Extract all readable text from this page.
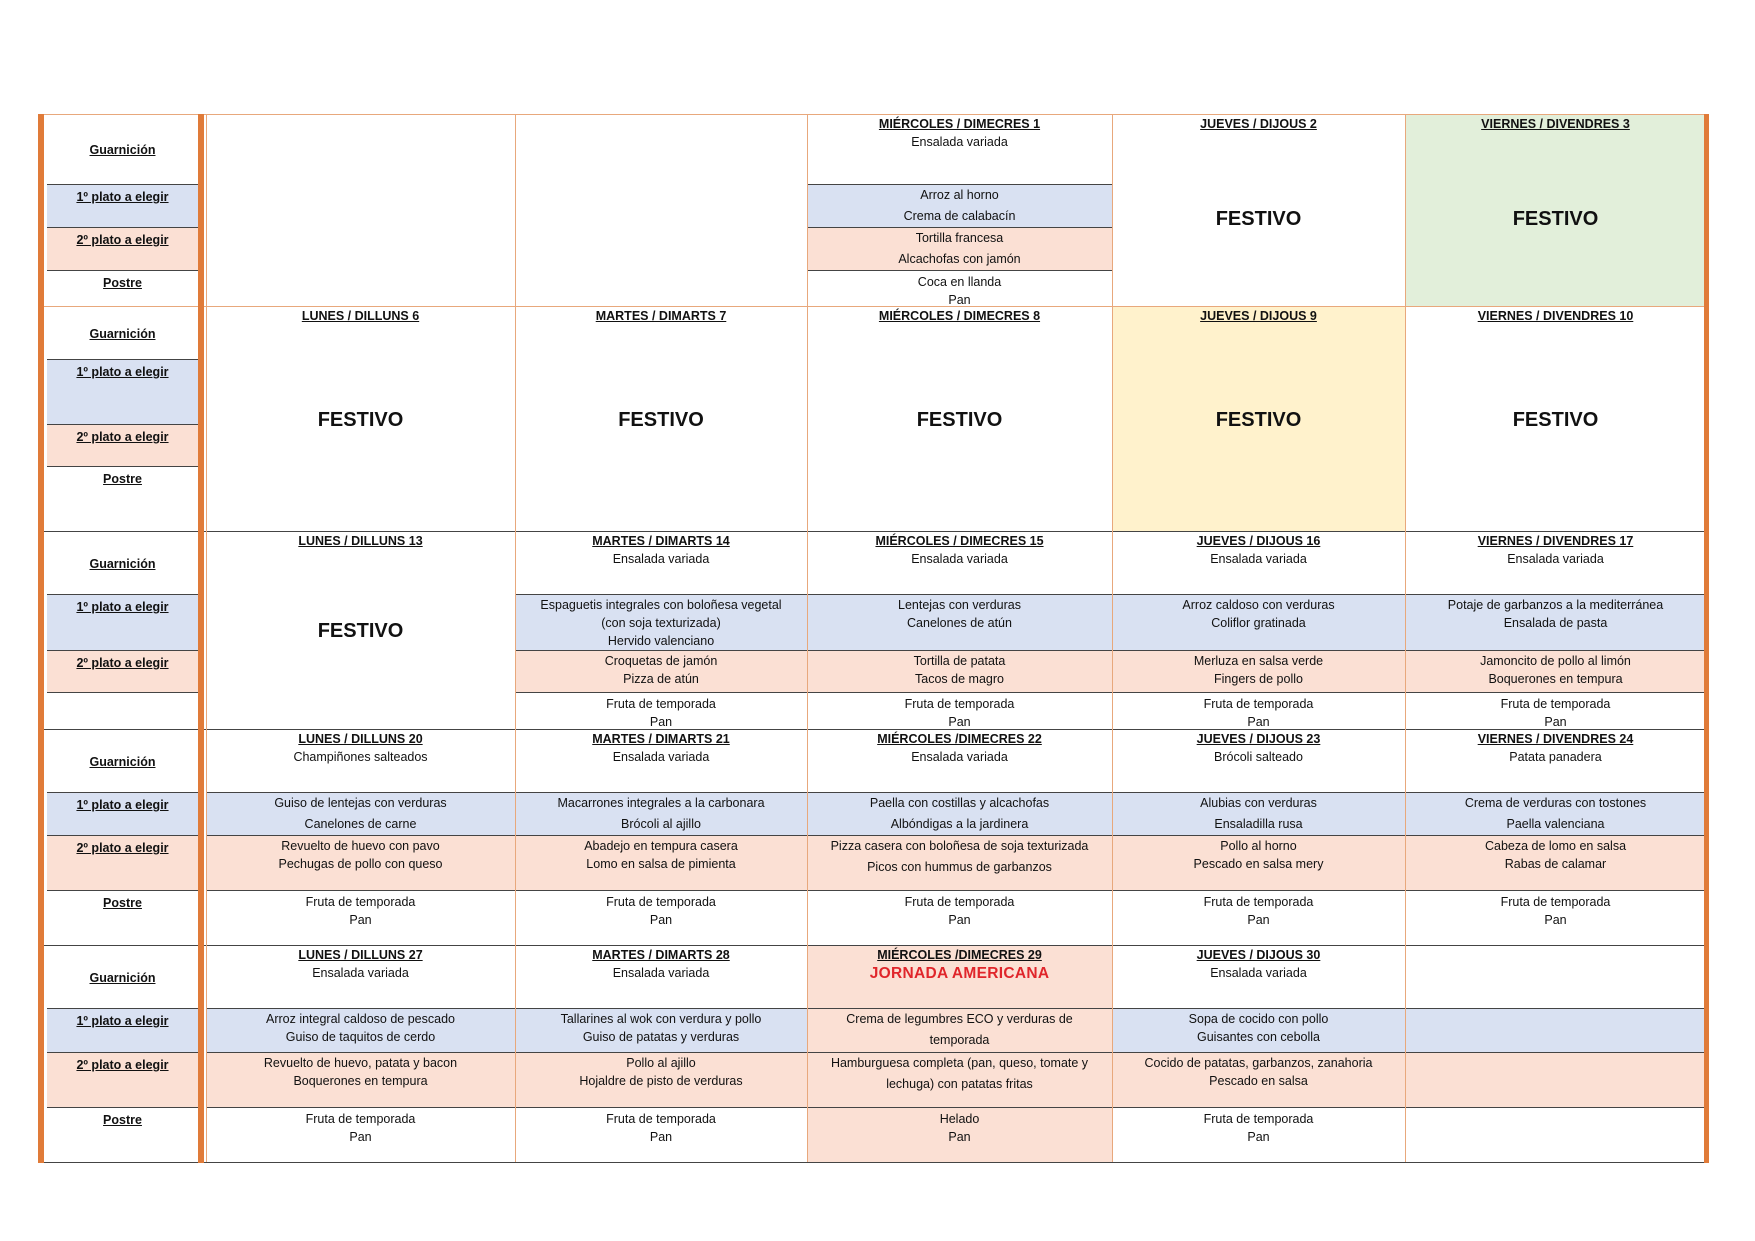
Guarnición
1º plato a elegir
2º plato a elegir
Postre
Guarnición
1º plato a elegir
2º plato a elegir
Postre
Guarnición
1º plato a elegir
2º plato a elegir
Guarnición
1º plato a elegir
2º plato a elegir
Postre
Guarnición
1º plato a elegir
2º plato a elegir
Postre
MIÉRCOLES / DIMECRES 1
Ensalada variada
Arroz al horno
Crema de calabacín
Tortilla francesa
Alcachofas con jamón
Coca en llanda
Pan
JUEVES / DIJOUS 2
FESTIVO
VIERNES / DIVENDRES 3
FESTIVO
LUNES / DILLUNS 6
FESTIVO
MARTES / DIMARTS 7
FESTIVO
MIÉRCOLES / DIMECRES 8
FESTIVO
JUEVES / DIJOUS 9
FESTIVO
VIERNES / DIVENDRES 10
FESTIVO
LUNES / DILLUNS 13
FESTIVO
MARTES / DIMARTS 14
Ensalada variada
Espaguetis integrales con boloñesa vegetal
(con soja texturizada)
Hervido valenciano
Croquetas de jamón
Pizza de atún
Fruta de temporada
Pan
MIÉRCOLES / DIMECRES 15
Ensalada variada
Lentejas con verduras
Canelones de atún
Tortilla de patata
Tacos de magro
Fruta de temporada
Pan
JUEVES / DIJOUS 16
Ensalada variada
Arroz caldoso con verduras
Coliflor gratinada
Merluza en salsa verde
Fingers de pollo
Fruta de temporada
Pan
VIERNES / DIVENDRES 17
Ensalada variada
Potaje de garbanzos a la mediterránea
Ensalada de pasta
Jamoncito de pollo al limón
Boquerones en tempura
Fruta de temporada
Pan
LUNES / DILLUNS 20
Champiñones salteados
Guiso de lentejas con verduras
Canelones de carne
Revuelto de huevo con pavo
Pechugas de pollo con queso
Fruta de temporada
Pan
MARTES / DIMARTS 21
Ensalada variada
Macarrones integrales a la carbonara
Brócoli al ajillo
Abadejo en tempura casera
Lomo en salsa de pimienta
Fruta de temporada
Pan
MIÉRCOLES /DIMECRES 22
Ensalada variada
Paella con costillas y alcachofas
Albóndigas a la jardinera
Pizza casera con boloñesa de soja texturizada
Picos con hummus de garbanzos
Fruta de temporada
Pan
JUEVES / DIJOUS 23
Brócoli salteado
Alubias con verduras
Ensaladilla rusa
Pollo al horno
Pescado en salsa mery
Fruta de temporada
Pan
VIERNES / DIVENDRES 24
Patata panadera
Crema de verduras con tostones
Paella valenciana
Cabeza de lomo en salsa
Rabas de calamar
Fruta de temporada
Pan
LUNES / DILLUNS 27
Ensalada variada
Arroz integral caldoso de pescado
Guiso de taquitos de cerdo
Revuelto de huevo, patata y bacon
Boquerones en tempura
Fruta de temporada
Pan
MARTES / DIMARTS 28
Ensalada variada
Tallarines al wok con verdura y pollo
Guiso de patatas y verduras
Pollo al ajillo
Hojaldre de pisto de verduras
Fruta de temporada
Pan
MIÉRCOLES /DIMECRES 29
JORNADA AMERICANA
Crema de legumbres ECO y verduras de
temporada
Hamburguesa completa (pan, queso, tomate y
lechuga) con patatas fritas
Helado
Pan
JUEVES / DIJOUS 30
Ensalada variada
Sopa de cocido con pollo
Guisantes con cebolla
Cocido de patatas, garbanzos, zanahoria
Pescado en salsa
Fruta de temporada
Pan
